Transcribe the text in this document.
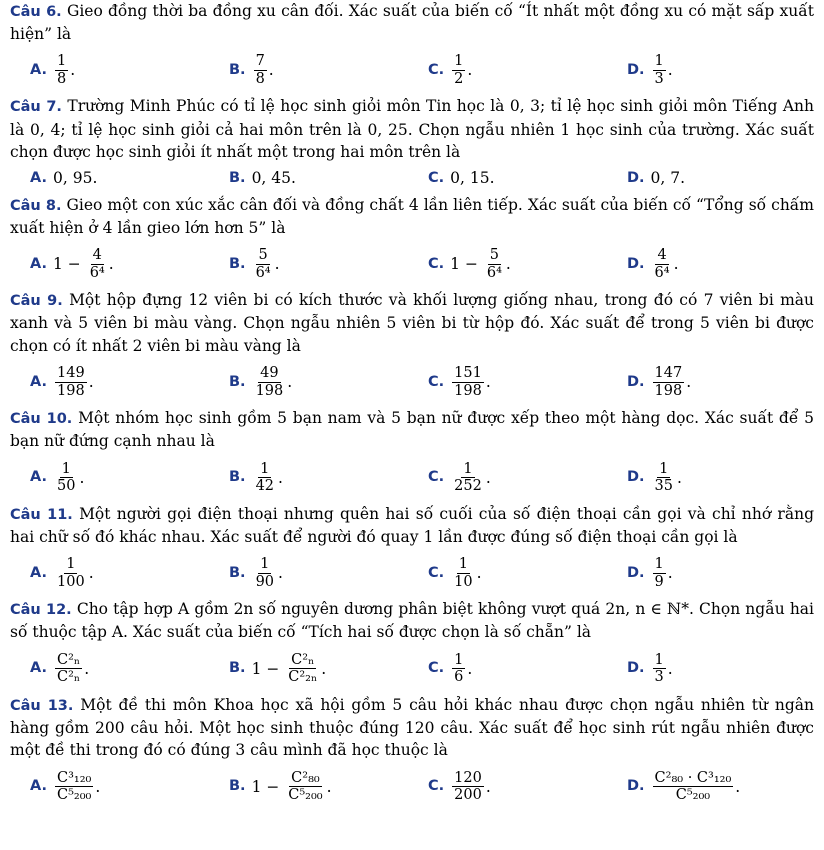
Câu 6. Gieo đồng thời ba đồng xu cân đối. Xác suất của biến cố “Ít nhất một đồng xu có mặt sấp xuất hiện” là
A. $\frac{1}{8}$ .	B. $\frac{7}{8}$ .	C. $\frac{1}{2}$ .	D. $\frac{1}{3}$ .
Câu 7. Trường Minh Phúc có tỉ lệ học sinh giỏi môn Tin học là 0, 3; tỉ lệ học sinh giỏi môn Tiếng Anh là 0, 4; tỉ lệ học sinh giỏi cả hai môn trên là 0, 25. Chọn ngẫu nhiên 1 học sinh của trường. Xác suất chọn được học sinh giỏi ít nhất một trong hai môn trên là
A. 0, 95.	B. 0, 45.	C. 0, 15.	D. 0, 7.
Câu 8. Gieo một con xúc xắc cân đối và đồng chất 4 lần liên tiếp. Xác suất của biến cố “Tổng số chấm xuất hiện ở 4 lần gieo lớn hơn 5” là
A. $1 - \frac{4}{\text{6⁴}}$ .	B. $\frac{5}{\text{6⁴}}$ .	C. $1 - \frac{5}{\text{6⁴}}$ .	D. $\frac{4}{\text{6⁴}}$ .
Câu 9. Một hộp đựng 12 viên bi có kích thước và khối lượng giống nhau, trong đó có 7 viên bi màu xanh và 5 viên bi màu vàng. Chọn ngẫu nhiên 5 viên bi từ hộp đó. Xác suất để trong 5 viên bi được chọn có ít nhất 2 viên bi màu vàng là
A. $\frac{149}{198}$ .	B. $\frac{49}{198}$ .	C. $\frac{151}{198}$ .	D. $\frac{147}{198}$ .
Câu 10. Một nhóm học sinh gồm 5 bạn nam và 5 bạn nữ được xếp theo một hàng dọc. Xác suất để 5 bạn nữ đứng cạnh nhau là
A. $\frac{1}{50}$ .	B. $\frac{1}{42}$ .	C. $\frac{1}{252}$ .	D. $\frac{1}{35}$ .
Câu 11. Một người gọi điện thoại nhưng quên hai số cuối của số điện thoại cần gọi và chỉ nhớ rằng hai chữ số đó khác nhau. Xác suất để người đó quay 1 lần được đúng số điện thoại cần gọi là
A. $\frac{1}{100}$ .	B. $\frac{1}{90}$ .	C. $\frac{1}{10}$ .	D. $\frac{1}{9}$ .
Câu 12. Cho tập hợp A gồm 2n số nguyên dương phân biệt không vượt quá 2n, n ∈ ℕ*. Chọn ngẫu hai số thuộc tập A. Xác suất của biến cố “Tích hai số được chọn là số chẵn” là
A. $\frac{\text{C²ₙ}}{\text{C²ₙ}}$ .	B. $1 - \frac{\text{C²ₙ}}{\text{C²₂ₙ}}$ .	C. $\frac{1}{6}$ .	D. $\frac{1}{3}$ .
Câu 13. Một đề thi môn Khoa học xã hội gồm 5 câu hỏi khác nhau được chọn ngẫu nhiên từ ngân hàng gồm 200 câu hỏi. Một học sinh thuộc đúng 120 câu. Xác suất để học sinh rút ngẫu nhiên được một đề thi trong đó có đúng 3 câu mình đã học thuộc là
A. $\frac{\text{C³₁₂₀}}{\text{C⁵₂₀₀}}$ .	B. $1 - \frac{\text{C²₈₀}}{\text{C⁵₂₀₀}}$ .	C. $\frac{120}{200}$ .	D. $\frac{\text{C²₈₀ · C³₁₂₀}}{\text{C⁵₂₀₀}}$ .
